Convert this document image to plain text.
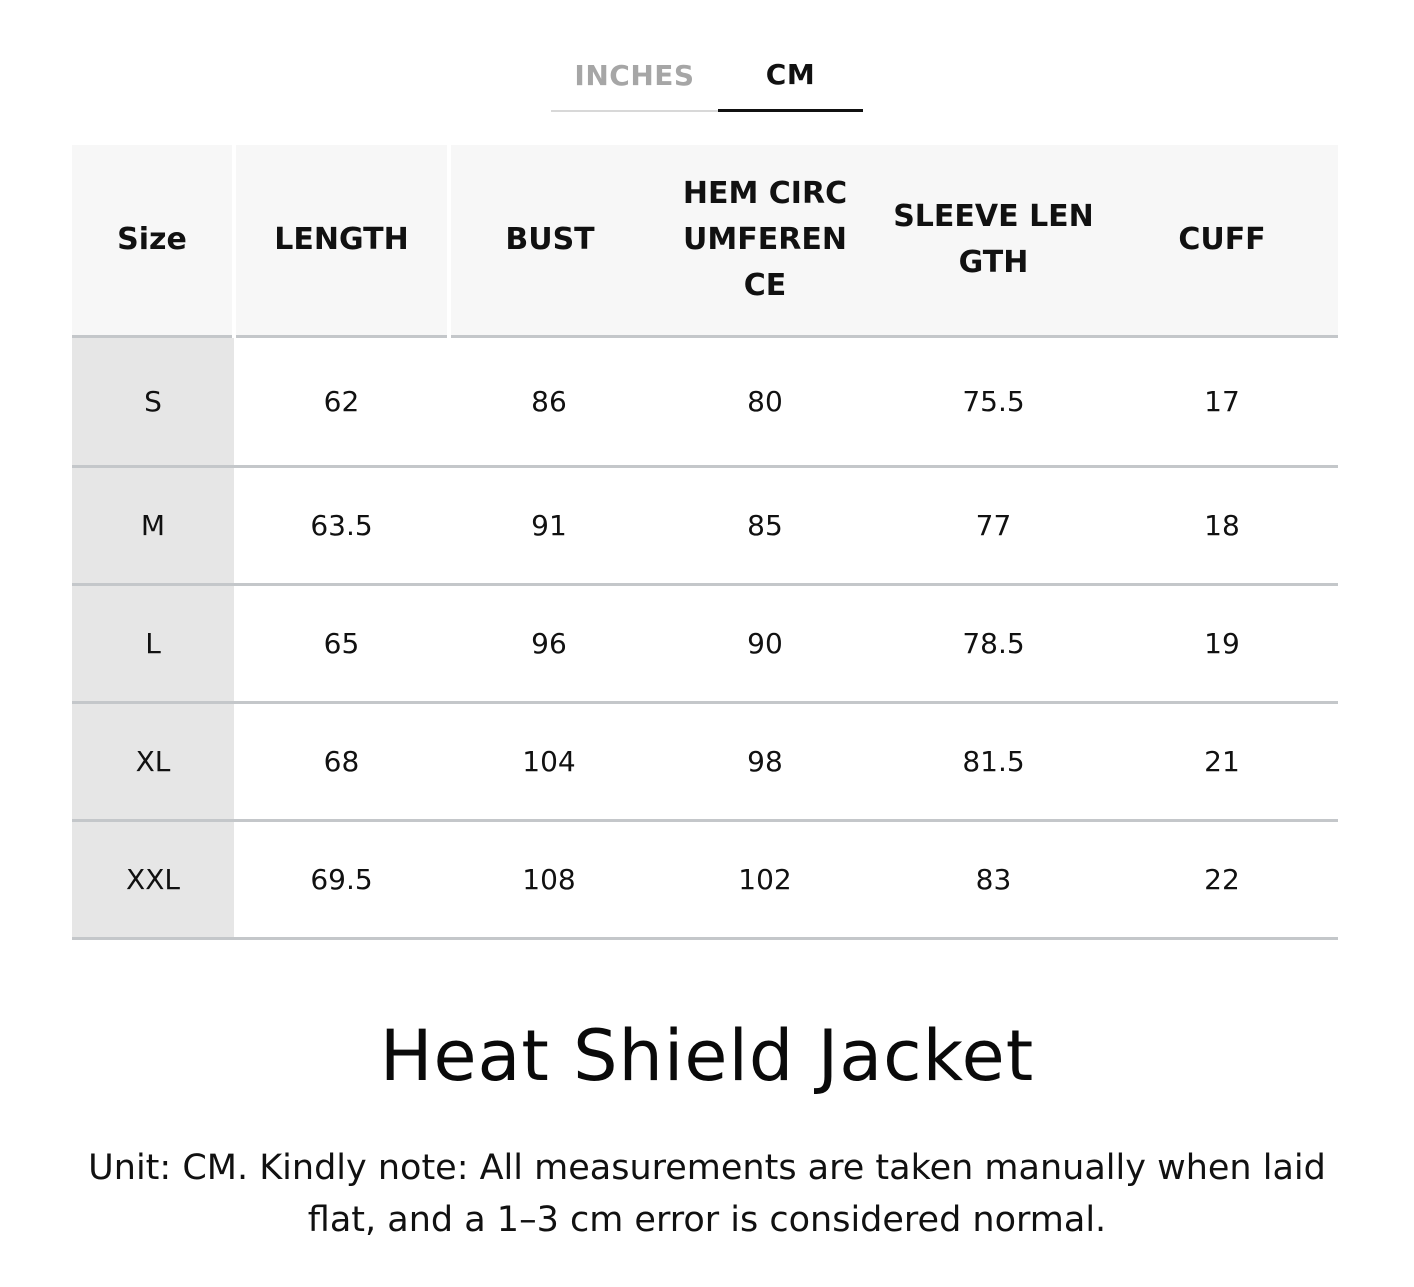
INCHES	CM
Size	LENGTH	BUST	HEM CIRCUMFERENCE	SLEEVE LENGTH	CUFF
S	62	86	80	75.5	17
M	63.5	91	85	77	18
L	65	96	90	78.5	19
XL	68	104	98	81.5	21
XXL	69.5	108	102	83	22
Heat Shield Jacket

Unit: CM. Kindly note: All measurements are taken manually when laid flat, and a 1–3 cm error is considered normal.
